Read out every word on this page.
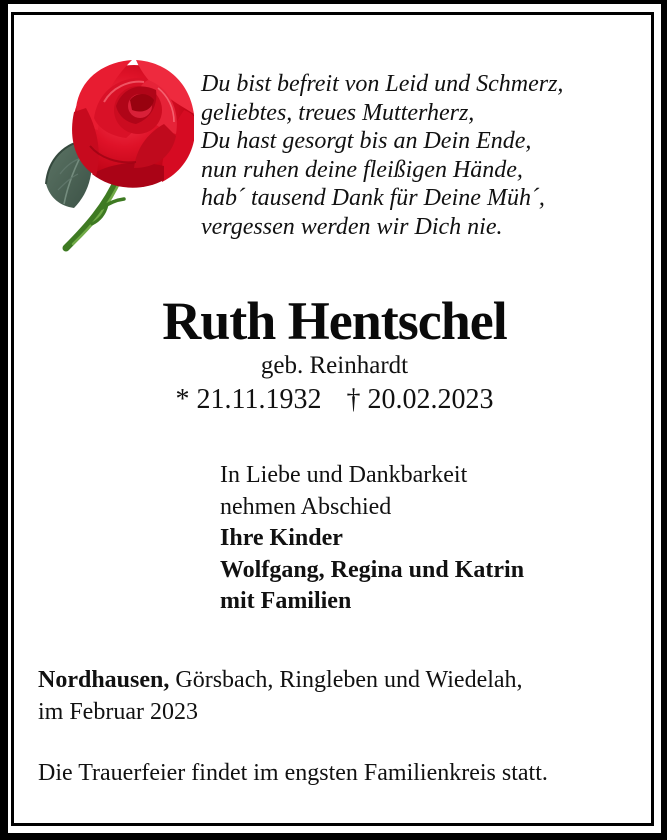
Du bist befreit von Leid und Schmerz,
geliebtes, treues Mutterherz,
Du hast gesorgt bis an Dein Ende,
nun ruhen deine fleißigen Hände,
hab´ tausend Dank für Deine Müh´,
vergessen werden wir Dich nie.
Ruth Hentschel
geb. Reinhardt
* 21.11.1932 † 20.02.2023
In Liebe und Dankbarkeit
nehmen Abschied
Ihre Kinder
Wolfgang, Regina und Katrin
mit Familien
Nordhausen, Görsbach, Ringleben und Wiedelah,
im Februar 2023
Die Trauerfeier findet im engsten Familienkreis statt.
